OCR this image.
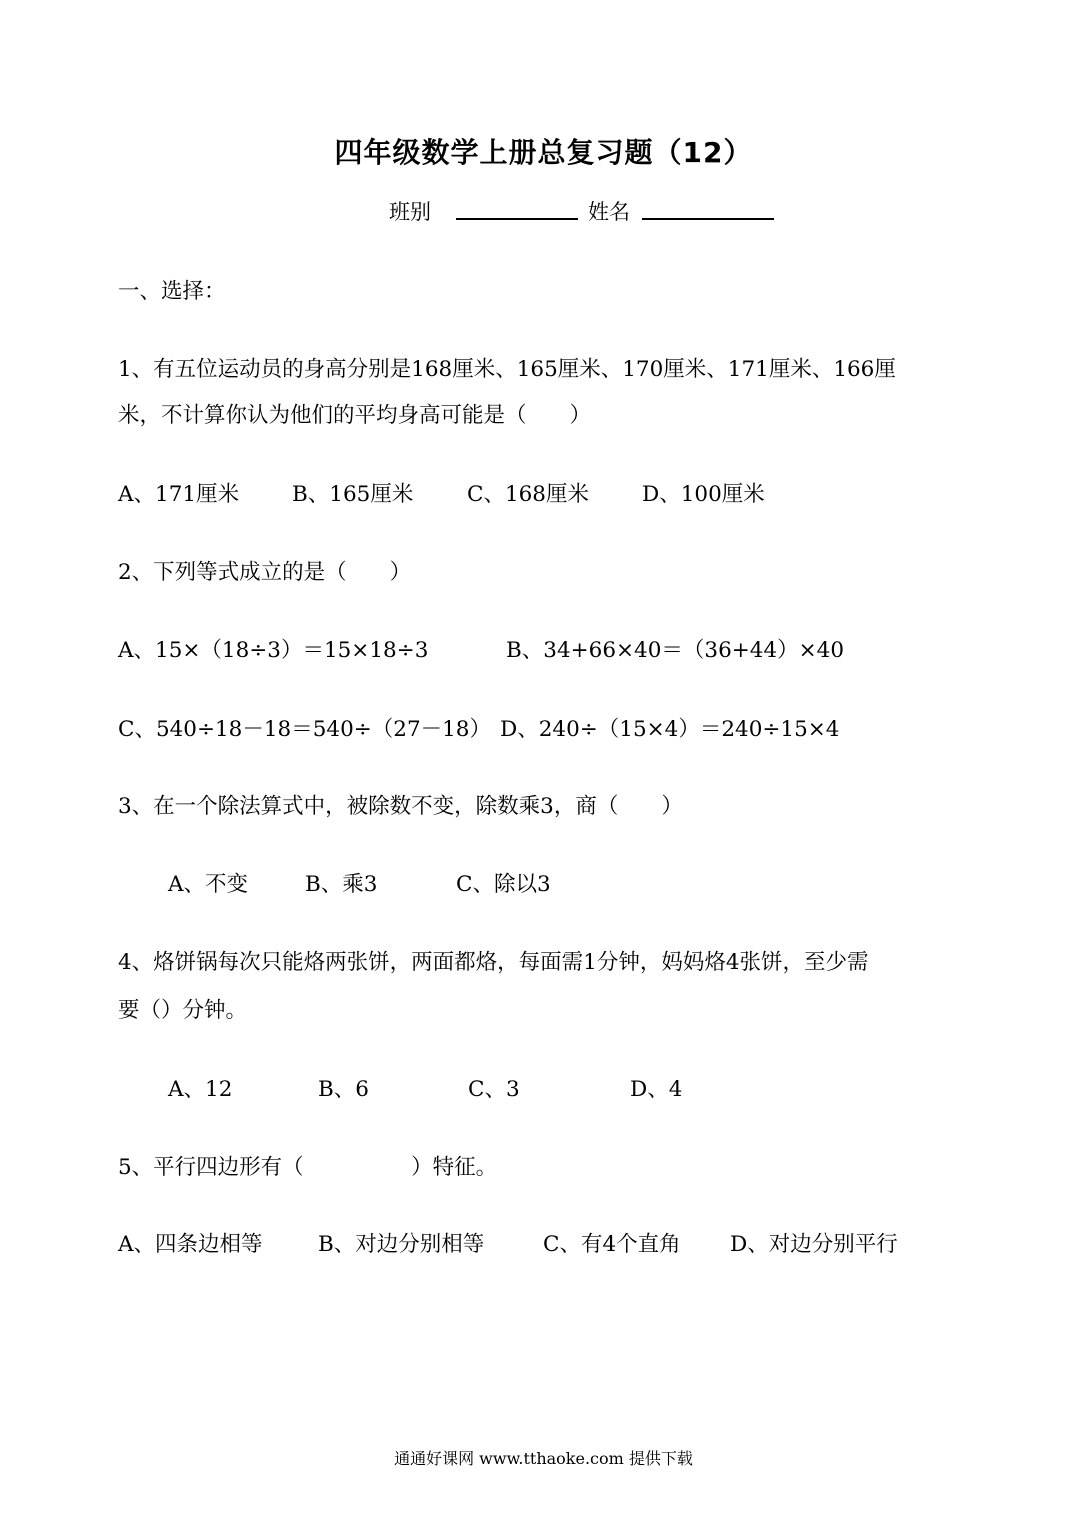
四年级数学上册总复习题（12）
班别	姓名
一、选择：
1、有五位运动员的身高分别是168厘米、165厘米、170厘米、171厘米、166厘
米，不计算你认为他们的平均身高可能是（　　）
A、171厘米 B、165厘米 C、168厘米 D、100厘米
2、下列等式成立的是（　　）
A、15×（18÷3）＝15×18÷3	B、34+66×40＝（36+44）×40
C、540÷18－18＝540÷（27－18） D、240÷（15×4）＝240÷15×4
3、在一个除法算式中，被除数不变，除数乘3，商（　　）
A、不变	B、乘3	C、除以3
4、烙饼锅每次只能烙两张饼，两面都烙，每面需1分钟，妈妈烙4张饼，至少需
要（）分钟。
A、12	B、6	C、3	D、4
5、平行四边形有（　　　　　）特征。
A、四条边相等	B、对边分别相等	C、有4个直角 D、对边分别平行
通通好课网 www.tthaoke.com 提供下载
